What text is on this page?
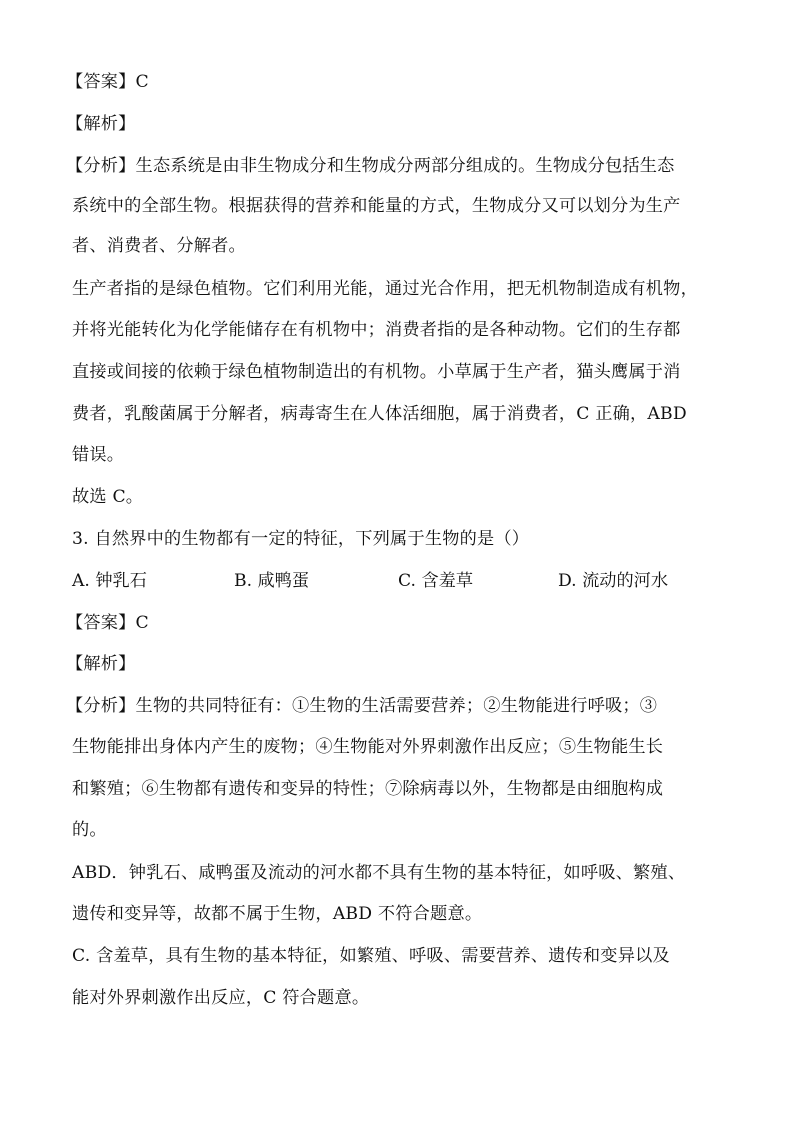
【答案】C
【解析】
【分析】生态系统是由非生物成分和生物成分两部分组成的。生物成分包括生态
系统中的全部生物。根据获得的营养和能量的方式，生物成分又可以划分为生产
者、消费者、分解者。
生产者指的是绿色植物。它们利用光能，通过光合作用，把无机物制造成有机物，
并将光能转化为化学能储存在有机物中；消费者指的是各种动物。它们的生存都
直接或间接的依赖于绿色植物制造出的有机物。小草属于生产者，猫头鹰属于消
费者，乳酸菌属于分解者，病毒寄生在人体活细胞，属于消费者，C 正确，ABD
错误。
故选 C。
3. 自然界中的生物都有一定的特征，下列属于生物的是（）
A. 钟乳石	B. 咸鸭蛋	C. 含羞草	D. 流动的河水
【答案】C
【解析】
【分析】生物的共同特征有：①生物的生活需要营养；②生物能进行呼吸；③
生物能排出身体内产生的废物；④生物能对外界刺激作出反应；⑤生物能生长
和繁殖；⑥生物都有遗传和变异的特性；⑦除病毒以外，生物都是由细胞构成
的。
ABD．钟乳石、咸鸭蛋及流动的河水都不具有生物的基本特征，如呼吸、繁殖、
遗传和变异等，故都不属于生物，ABD 不符合题意。
C. 含羞草，具有生物的基本特征，如繁殖、呼吸、需要营养、遗传和变异以及
能对外界刺激作出反应，C 符合题意。
